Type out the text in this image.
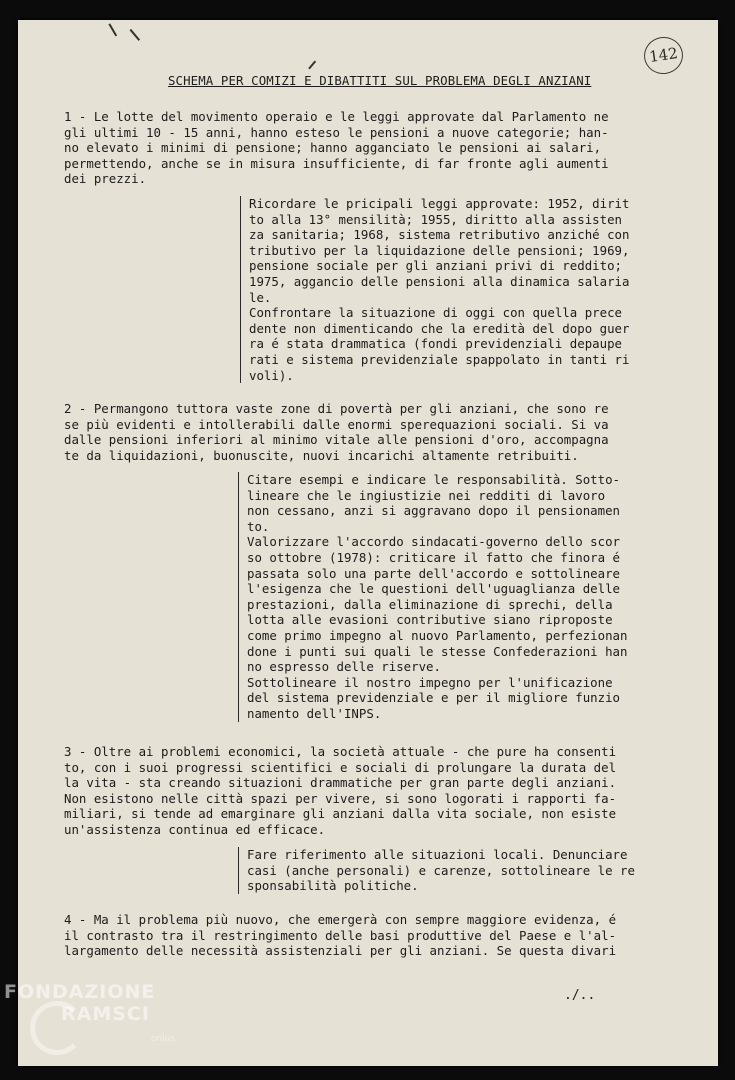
142
SCHEMA PER COMIZI E DIBATTITI SUL PROBLEMA DEGLI ANZIANI
1 - Le lotte del movimento operaio e le leggi approvate dal Parlamento ne
gli ultimi 10 - 15 anni, hanno esteso le pensioni a nuove categorie; han-
no elevato i minimi di pensione; hanno agganciato le pensioni ai salari,
permettendo, anche se in misura insufficiente, di far fronte agli aumenti
dei prezzi.
Ricordare le pricipali leggi approvate: 1952, dirit
to alla 13° mensilità; 1955, diritto alla assisten
za sanitaria; 1968, sistema retributivo anziché con
tributivo per la liquidazione delle pensioni; 1969,
pensione sociale per gli anziani privi di reddito;
1975, aggancio delle pensioni alla dinamica salaria
le.
Confrontare la situazione di oggi con quella prece
dente non dimenticando che la eredità del dopo guer
ra é stata drammatica (fondi previdenziali depaupe
rati e sistema previdenziale spappolato in tanti ri
voli).
2 - Permangono tuttora vaste zone di povertà per gli anziani, che sono re
se più evidenti e intollerabili dalle enormi sperequazioni sociali. Si va
dalle pensioni inferiori al minimo vitale alle pensioni d'oro, accompagna
te da liquidazioni, buonuscite, nuovi incarichi altamente retribuiti.
Citare esempi e indicare le responsabilità. Sotto-
lineare che le ingiustizie nei redditi di lavoro
non cessano, anzi si aggravano dopo il pensionamen
to.
Valorizzare l'accordo sindacati-governo dello scor
so ottobre (1978): criticare il fatto che finora é
passata solo una parte dell'accordo e sottolineare
l'esigenza che le questioni dell'uguaglianza delle
prestazioni, dalla eliminazione di sprechi, della
lotta alle evasioni contributive siano riproposte
come primo impegno al nuovo Parlamento, perfezionan
done i punti sui quali le stesse Confederazioni han
no espresso delle riserve.
Sottolineare il nostro impegno per l'unificazione
del sistema previdenziale e per il migliore funzio
namento dell'INPS.
3 - Oltre ai problemi economici, la società attuale - che pure ha consenti
to, con i suoi progressi scientifici e sociali di prolungare la durata del
la vita - sta creando situazioni drammatiche per gran parte degli anziani.
Non esistono nelle città spazi per vivere, si sono logorati i rapporti fa-
miliari, si tende ad emarginare gli anziani dalla vita sociale, non esiste
un'assistenza continua ed efficace.
Fare riferimento alle situazioni locali. Denunciare
casi (anche personali) e carenze, sottolineare le re
sponsabilità politiche.
4 - Ma il problema più nuovo, che emergerà con sempre maggiore evidenza, é
il contrasto tra il restringimento delle basi produttive del Paese e l'al-
largamento delle necessità assistenziali per gli anziani. Se questa divari
./..
FONDAZIONE
RAMSCI
onlus
